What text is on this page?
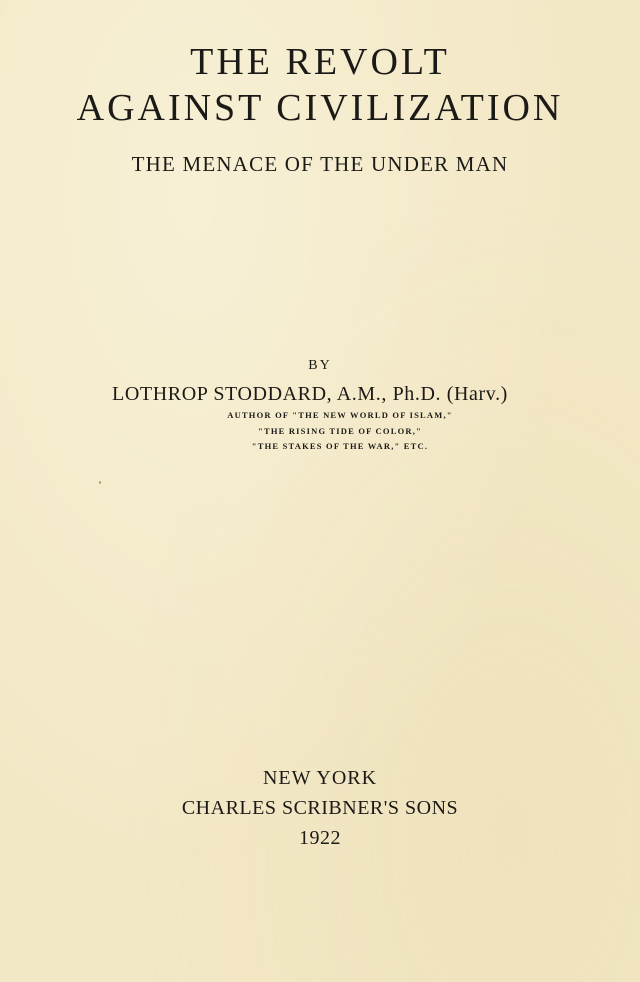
THE REVOLT
AGAINST CIVILIZATION
THE MENACE OF THE UNDER MAN
BY
LOTHROP STODDARD, A.M., Ph.D. (Harv.)
AUTHOR OF "THE NEW WORLD OF ISLAM,"
"THE RISING TIDE OF COLOR,"
"THE STAKES OF THE WAR," ETC.
NEW YORK
CHARLES SCRIBNER'S SONS
1922
